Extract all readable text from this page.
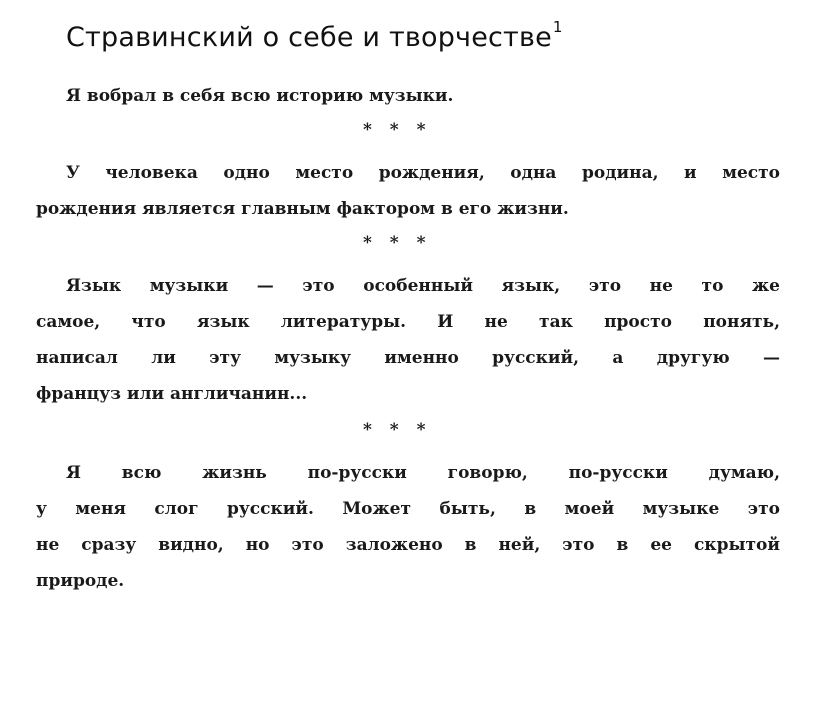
Стравинский о себе и творчестве$^1$
Я вобрал в себя всю историю музыки.
* * *
У человека одно место рождения, одна родина, и место
рождения является главным фактором в его жизни.
* * *
Язык музыки — это особенный язык, это не то же
самое, что язык литературы. И не так просто понять,
написал ли эту музыку именно русский, а другую —
француз или англичанин...
* * *
Я всю жизнь по-русски говорю, по-русски думаю,
у меня слог русский. Может быть, в моей музыке это
не сразу видно, но это заложено в ней, это в ее скрытой
природе.
